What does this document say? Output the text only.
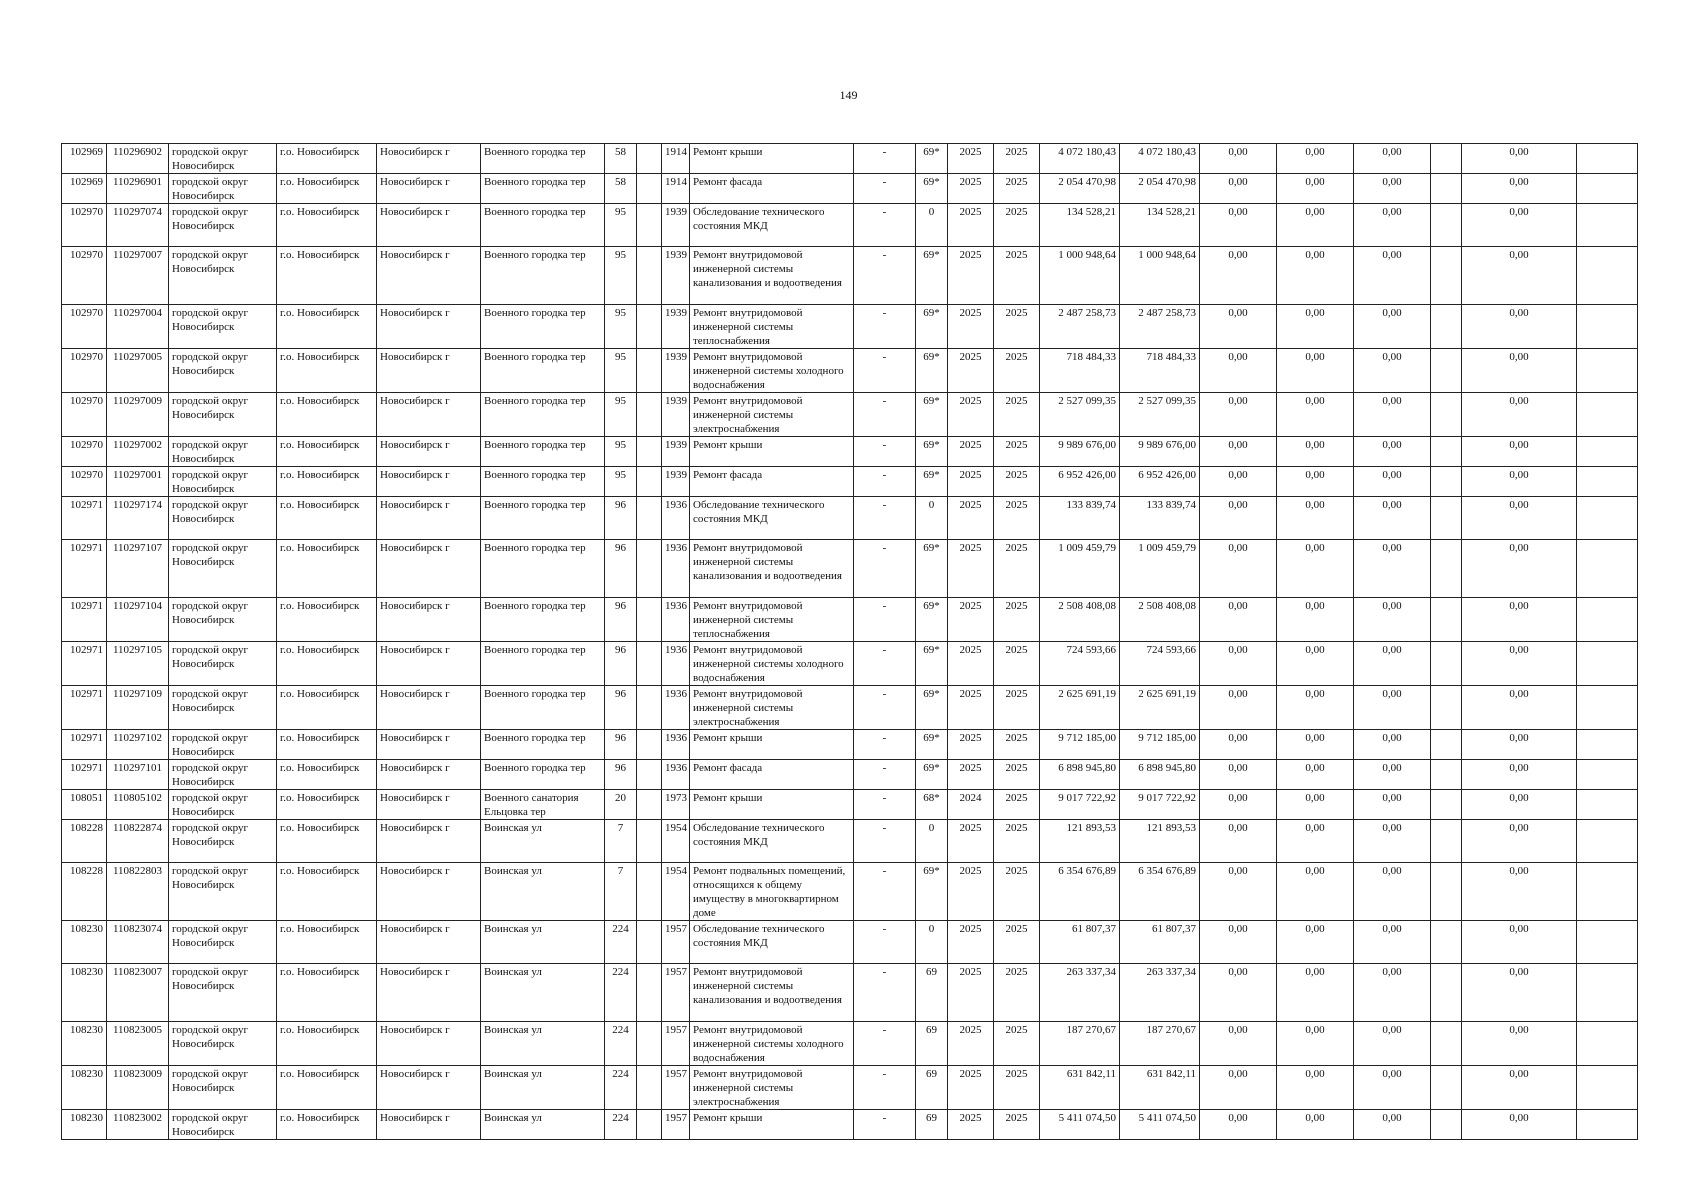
149
102969	110296902	городской округ Новосибирск	г.о. Новосибирск	Новосибирск г	Военного городка тер	58		1914	Ремонт крыши	-	69*	2025	2025	4 072 180,43	4 072 180,43	0,00	0,00	0,00		0,00	
102969	110296901	городской округ Новосибирск	г.о. Новосибирск	Новосибирск г	Военного городка тер	58		1914	Ремонт фасада	-	69*	2025	2025	2 054 470,98	2 054 470,98	0,00	0,00	0,00		0,00	
102970	110297074	городской округ Новосибирск	г.о. Новосибирск	Новосибирск г	Военного городка тер	95		1939	Обследование технического состояния МКД	-	0	2025	2025	134 528,21	134 528,21	0,00	0,00	0,00		0,00	
102970	110297007	городской округ Новосибирск	г.о. Новосибирск	Новосибирск г	Военного городка тер	95		1939	Ремонт внутридомовой инженерной системы канализования и водоотведения	-	69*	2025	2025	1 000 948,64	1 000 948,64	0,00	0,00	0,00		0,00	
102970	110297004	городской округ Новосибирск	г.о. Новосибирск	Новосибирск г	Военного городка тер	95		1939	Ремонт внутридомовой инженерной системы теплоснабжения	-	69*	2025	2025	2 487 258,73	2 487 258,73	0,00	0,00	0,00		0,00	
102970	110297005	городской округ Новосибирск	г.о. Новосибирск	Новосибирск г	Военного городка тер	95		1939	Ремонт внутридомовой инженерной системы холодного водоснабжения	-	69*	2025	2025	718 484,33	718 484,33	0,00	0,00	0,00		0,00	
102970	110297009	городской округ Новосибирск	г.о. Новосибирск	Новосибирск г	Военного городка тер	95		1939	Ремонт внутридомовой инженерной системы электроснабжения	-	69*	2025	2025	2 527 099,35	2 527 099,35	0,00	0,00	0,00		0,00	
102970	110297002	городской округ Новосибирск	г.о. Новосибирск	Новосибирск г	Военного городка тер	95		1939	Ремонт крыши	-	69*	2025	2025	9 989 676,00	9 989 676,00	0,00	0,00	0,00		0,00	
102970	110297001	городской округ Новосибирск	г.о. Новосибирск	Новосибирск г	Военного городка тер	95		1939	Ремонт фасада	-	69*	2025	2025	6 952 426,00	6 952 426,00	0,00	0,00	0,00		0,00	
102971	110297174	городской округ Новосибирск	г.о. Новосибирск	Новосибирск г	Военного городка тер	96		1936	Обследование технического состояния МКД	-	0	2025	2025	133 839,74	133 839,74	0,00	0,00	0,00		0,00	
102971	110297107	городской округ Новосибирск	г.о. Новосибирск	Новосибирск г	Военного городка тер	96		1936	Ремонт внутридомовой инженерной системы канализования и водоотведения	-	69*	2025	2025	1 009 459,79	1 009 459,79	0,00	0,00	0,00		0,00	
102971	110297104	городской округ Новосибирск	г.о. Новосибирск	Новосибирск г	Военного городка тер	96		1936	Ремонт внутридомовой инженерной системы теплоснабжения	-	69*	2025	2025	2 508 408,08	2 508 408,08	0,00	0,00	0,00		0,00	
102971	110297105	городской округ Новосибирск	г.о. Новосибирск	Новосибирск г	Военного городка тер	96		1936	Ремонт внутридомовой инженерной системы холодного водоснабжения	-	69*	2025	2025	724 593,66	724 593,66	0,00	0,00	0,00		0,00	
102971	110297109	городской округ Новосибирск	г.о. Новосибирск	Новосибирск г	Военного городка тер	96		1936	Ремонт внутридомовой инженерной системы электроснабжения	-	69*	2025	2025	2 625 691,19	2 625 691,19	0,00	0,00	0,00		0,00	
102971	110297102	городской округ Новосибирск	г.о. Новосибирск	Новосибирск г	Военного городка тер	96		1936	Ремонт крыши	-	69*	2025	2025	9 712 185,00	9 712 185,00	0,00	0,00	0,00		0,00	
102971	110297101	городской округ Новосибирск	г.о. Новосибирск	Новосибирск г	Военного городка тер	96		1936	Ремонт фасада	-	69*	2025	2025	6 898 945,80	6 898 945,80	0,00	0,00	0,00		0,00	
108051	110805102	городской округ Новосибирск	г.о. Новосибирск	Новосибирск г	Военного санатория Ельцовка тер	20		1973	Ремонт крыши	-	68*	2024	2025	9 017 722,92	9 017 722,92	0,00	0,00	0,00		0,00	
108228	110822874	городской округ Новосибирск	г.о. Новосибирск	Новосибирск г	Воинская ул	7		1954	Обследование технического состояния МКД	-	0	2025	2025	121 893,53	121 893,53	0,00	0,00	0,00		0,00	
108228	110822803	городской округ Новосибирск	г.о. Новосибирск	Новосибирск г	Воинская ул	7		1954	Ремонт подвальных помещений, относящихся к общему имуществу в многоквартирном доме	-	69*	2025	2025	6 354 676,89	6 354 676,89	0,00	0,00	0,00		0,00	
108230	110823074	городской округ Новосибирск	г.о. Новосибирск	Новосибирск г	Воинская ул	224		1957	Обследование технического состояния МКД	-	0	2025	2025	61 807,37	61 807,37	0,00	0,00	0,00		0,00	
108230	110823007	городской округ Новосибирск	г.о. Новосибирск	Новосибирск г	Воинская ул	224		1957	Ремонт внутридомовой инженерной системы канализования и водоотведения	-	69	2025	2025	263 337,34	263 337,34	0,00	0,00	0,00		0,00	
108230	110823005	городской округ Новосибирск	г.о. Новосибирск	Новосибирск г	Воинская ул	224		1957	Ремонт внутридомовой инженерной системы холодного водоснабжения	-	69	2025	2025	187 270,67	187 270,67	0,00	0,00	0,00		0,00	
108230	110823009	городской округ Новосибирск	г.о. Новосибирск	Новосибирск г	Воинская ул	224		1957	Ремонт внутридомовой инженерной системы электроснабжения	-	69	2025	2025	631 842,11	631 842,11	0,00	0,00	0,00		0,00	
108230	110823002	городской округ Новосибирск	г.о. Новосибирск	Новосибирск г	Воинская ул	224		1957	Ремонт крыши	-	69	2025	2025	5 411 074,50	5 411 074,50	0,00	0,00	0,00		0,00	
